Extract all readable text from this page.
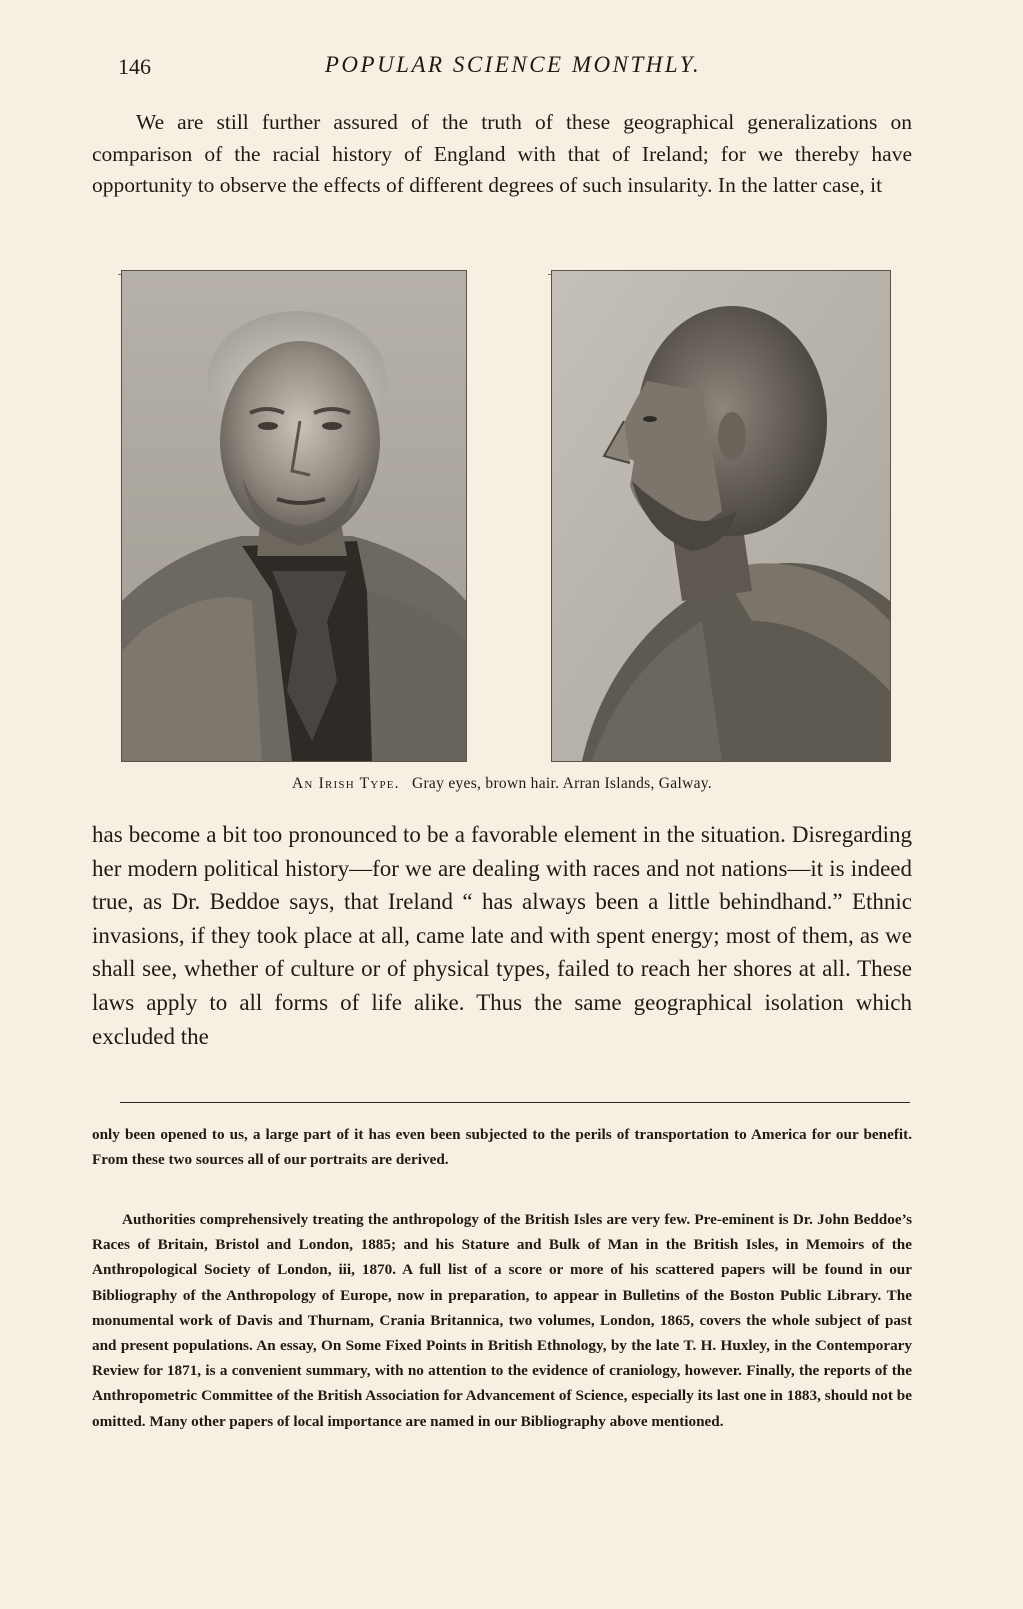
146	POPULAR SCIENCE MONTHLY.

We are still further assured of the truth of these geographical generalizations on comparison of the racial history of England with that of Ireland; for we thereby have opportunity to observe the effects of different degrees of such insularity. In the latter case, it

An Irish Type. Gray eyes, brown hair. Arran Islands, Galway.

has become a bit too pronounced to be a favorable element in the situation. Disregarding her modern political history—for we are dealing with races and not nations—it is indeed true, as Dr. Beddoe says, that Ireland “ has always been a little behindhand.” Ethnic invasions, if they took place at all, came late and with spent energy; most of them, as we shall see, whether of culture or of physical types, failed to reach her shores at all. These laws apply to all forms of life alike. Thus the same geographical isolation which excluded the

only been opened to us, a large part of it has even been subjected to the perils of transportation to America for our benefit. From these two sources all of our portraits are derived.

Authorities comprehensively treating the anthropology of the British Isles are very few. Pre-eminent is Dr. John Beddoe’s Races of Britain, Bristol and London, 1885; and his Stature and Bulk of Man in the British Isles, in Memoirs of the Anthropological Society of London, iii, 1870. A full list of a score or more of his scattered papers will be found in our Bibliography of the Anthropology of Europe, now in preparation, to appear in Bulletins of the Boston Public Library. The monumental work of Davis and Thurnam, Crania Britannica, two volumes, London, 1865, covers the whole subject of past and present populations. An essay, On Some Fixed Points in British Ethnology, by the late T. H. Huxley, in the Contemporary Review for 1871, is a convenient summary, with no attention to the evidence of craniology, however. Finally, the reports of the Anthropometric Committee of the British Association for Advancement of Science, especially its last one in 1883, should not be omitted. Many other papers of local importance are named in our Bibliography above mentioned.
